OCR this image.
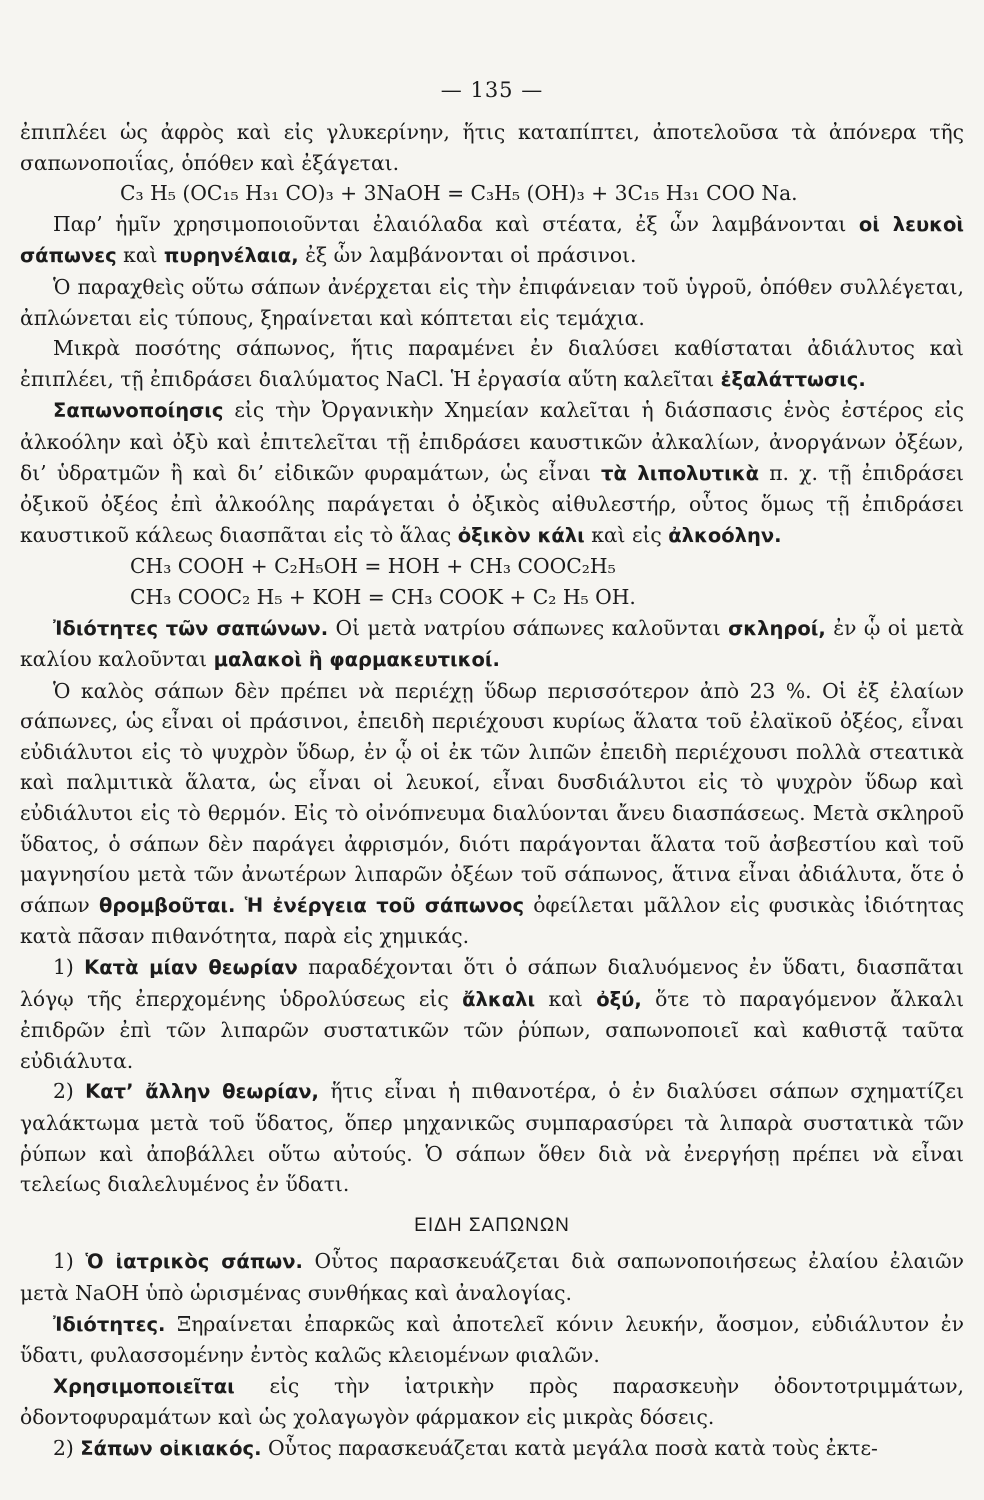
— 135 —

ἐπιπλέει ὡς ἀφρὸς καὶ εἰς γλυκερίνην, ἥτις καταπίπτει, ἀποτελοῦσα τὰ ἀπόνερα τῆς σαπωνοποιΐας, ὁπόθεν καὶ ἐξάγεται.

C₃ H₅ (OC₁₅ H₃₁ CO)₃ + 3NaOH = C₃H₅ (OH)₃ + 3C₁₅ H₃₁ COO Na.

Παρ’ ἡμῖν χρησιμοποιοῦνται ἐλαιόλαδα καὶ στέατα, ἐξ ὧν λαμβάνονται οἱ λευκοὶ σάπωνες καὶ πυρηνέλαια, ἐξ ὧν λαμβάνονται οἱ πράσινοι.

Ὁ παραχθεὶς οὕτω σάπων ἀνέρχεται εἰς τὴν ἐπιφάνειαν τοῦ ὑγροῦ, ὁπόθεν συλλέγεται, ἀπλώνεται εἰς τύπους, ξηραίνεται καὶ κόπτεται εἰς τεμάχια.

Μικρὰ ποσότης σάπωνος, ἥτις παραμένει ἐν διαλύσει καθίσταται ἀδιάλυτος καὶ ἐπιπλέει, τῇ ἐπιδράσει διαλύματος NaCl. Ἡ ἐργασία αὕτη καλεῖται ἐξαλάττωσις.

Σαπωνοποίησις εἰς τὴν Ὀργανικὴν Χημείαν καλεῖται ἡ διάσπασις ἑνὸς ἐστέρος εἰς ἀλκοόλην καὶ ὀξὺ καὶ ἐπιτελεῖται τῇ ἐπιδράσει καυστικῶν ἀλκαλίων, ἀνοργάνων ὀξέων, δι’ ὑδρατμῶν ἢ καὶ δι’ εἰδικῶν φυραμάτων, ὡς εἶναι τὰ λιπολυτικὰ π. χ. τῇ ἐπιδράσει ὀξικοῦ ὀξέος ἐπὶ ἀλκοόλης παράγεται ὁ ὀξικὸς αἰθυλεστήρ, οὗτος ὅμως τῇ ἐπιδράσει καυστικοῦ κάλεως διασπᾶται εἰς τὸ ἅλας ὀξικὸν κάλι καὶ εἰς ἀλκοόλην.

CH₃ COOH + C₂H₅OH = HOH + CH₃ COOC₂H₅

CH₃ COOC₂ H₅ + KOH = CH₃ COOK + C₂ H₅ OH.

Ἰδιότητες τῶν σαπώνων. Οἱ μετὰ νατρίου σάπωνες καλοῦνται σκληροί, ἐν ᾧ οἱ μετὰ καλίου καλοῦνται μαλακοὶ ἢ φαρμακευτικοί.

Ὁ καλὸς σάπων δὲν πρέπει νὰ περιέχῃ ὕδωρ περισσότερον ἀπὸ 23 %. Οἱ ἐξ ἐλαίων σάπωνες, ὡς εἶναι οἱ πράσινοι, ἐπειδὴ περιέχουσι κυρίως ἅλατα τοῦ ἐλαϊκοῦ ὀξέος, εἶναι εὐδιάλυτοι εἰς τὸ ψυχρὸν ὕδωρ, ἐν ᾧ οἱ ἐκ τῶν λιπῶν ἐπειδὴ περιέχουσι πολλὰ στεατικὰ καὶ παλμιτικὰ ἅλατα, ὡς εἶναι οἱ λευκοί, εἶναι δυσδιάλυτοι εἰς τὸ ψυχρὸν ὕδωρ καὶ εὐδιάλυτοι εἰς τὸ θερμόν. Εἰς τὸ οἰνόπνευμα διαλύονται ἄνευ διασπάσεως. Μετὰ σκληροῦ ὕδατος, ὁ σάπων δὲν παράγει ἀφρισμόν, διότι παράγονται ἅλατα τοῦ ἀσβεστίου καὶ τοῦ μαγνησίου μετὰ τῶν ἀνωτέρων λιπαρῶν ὀξέων τοῦ σάπωνος, ἅτινα εἶναι ἀδιάλυτα, ὅτε ὁ σάπων θρομβοῦται. Ἡ ἐνέργεια τοῦ σάπωνος ὀφείλεται μᾶλλον εἰς φυσικὰς ἰδιότητας κατὰ πᾶσαν πιθανότητα, παρὰ εἰς χημικάς.

1) Κατὰ μίαν θεωρίαν παραδέχονται ὅτι ὁ σάπων διαλυόμενος ἐν ὕδατι, διασπᾶται λόγῳ τῆς ἐπερχομένης ὑδρολύσεως εἰς ἄλκαλι καὶ ὀξύ, ὅτε τὸ παραγόμενον ἄλκαλι ἐπιδρῶν ἐπὶ τῶν λιπαρῶν συστατικῶν τῶν ῥύπων, σαπωνοποιεῖ καὶ καθιστᾷ ταῦτα εὐδιάλυτα.

2) Κατ’ ἄλλην θεωρίαν, ἥτις εἶναι ἡ πιθανοτέρα, ὁ ἐν διαλύσει σάπων σχηματίζει γαλάκτωμα μετὰ τοῦ ὕδατος, ὅπερ μηχανικῶς συμπαρασύρει τὰ λιπαρὰ συστατικὰ τῶν ῥύπων καὶ ἀποβάλλει οὕτω αὐτούς. Ὁ σάπων ὅθεν διὰ νὰ ἐνεργήσῃ πρέπει νὰ εἶναι τελείως διαλελυμένος ἐν ὕδατι.

ΕΙΔΗ ΣΑΠΩΝΩΝ

1) Ὁ ἰατρικὸς σάπων. Οὗτος παρασκευάζεται διὰ σαπωνοποιήσεως ἐλαίου ἐλαιῶν μετὰ NaOH ὑπὸ ὡρισμένας συνθήκας καὶ ἀναλογίας.

Ἰδιότητες. Ξηραίνεται ἐπαρκῶς καὶ ἀποτελεῖ κόνιν λευκήν, ἄοσμον, εὐδιάλυτον ἐν ὕδατι, φυλασσομένην ἐντὸς καλῶς κλειομένων φιαλῶν.

Χρησιμοποιεῖται εἰς τὴν ἰατρικὴν πρὸς παρασκευὴν ὀδοντοτριμμάτων, ὀδοντοφυραμάτων καὶ ὡς χολαγωγὸν φάρμακον εἰς μικρὰς δόσεις.

2) Σάπων οἰκιακός. Οὗτος παρασκευάζεται κατὰ μεγάλα ποσὰ κατὰ τοὺς ἐκτε-
